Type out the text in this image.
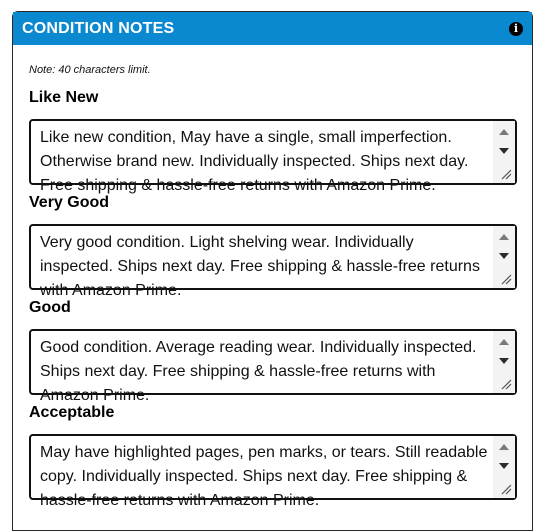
CONDITION NOTES	i
Note: 40 characters limit.
Like New
Like new condition, May have a single, small imperfection. Otherwise brand new. Individually inspected. Ships next day. Free shipping & hassle-free returns with Amazon Prime.
Very Good
Very good condition. Light shelving wear. Individually inspected. Ships next day. Free shipping & hassle-free returns with Amazon Prime.
Good
Good condition. Average reading wear. Individually inspected. Ships next day. Free shipping & hassle-free returns with Amazon Prime.
Acceptable
May have highlighted pages, pen marks, or tears. Still readable copy. Individually inspected. Ships next day. Free shipping & hassle-free returns with Amazon Prime.
